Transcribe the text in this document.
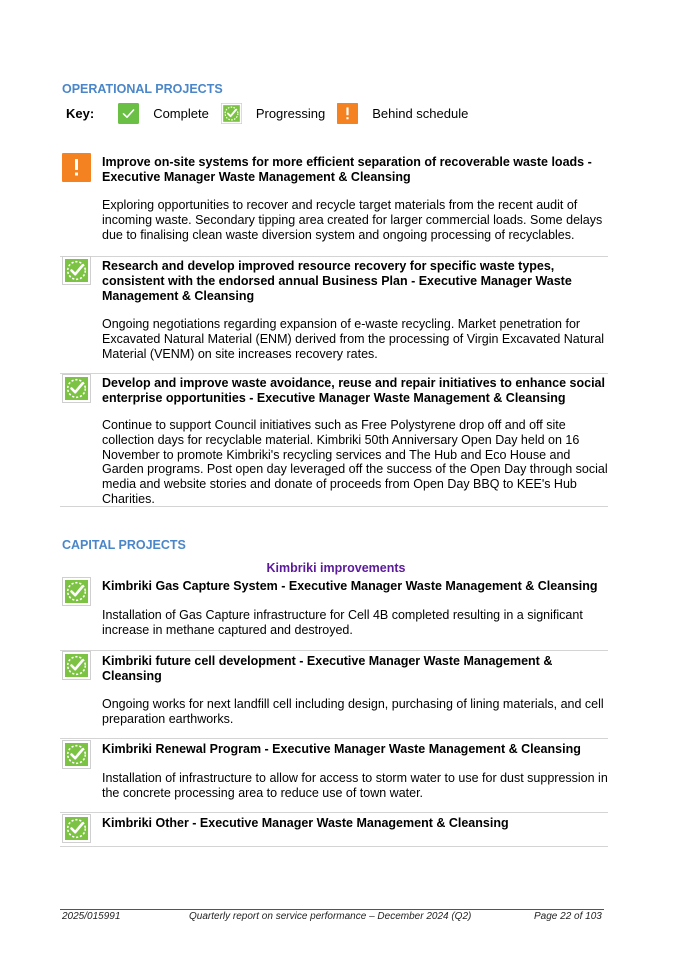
OPERATIONAL PROJECTS
Key:	Complete	Progressing	Behind schedule
Improve on-site systems for more efficient separation of recoverable waste loads - Executive Manager Waste Management & Cleansing
Exploring opportunities to recover and recycle target materials from the recent audit of incoming waste. Secondary tipping area created for larger commercial loads. Some delays due to finalising clean waste diversion system and ongoing processing of recyclables.
Research and develop improved resource recovery for specific waste types, consistent with the endorsed annual Business Plan - Executive Manager Waste Management & Cleansing
Ongoing negotiations regarding expansion of e-waste recycling. Market penetration for Excavated Natural Material (ENM) derived from the processing of Virgin Excavated Natural Material (VENM) on site increases recovery rates.
Develop and improve waste avoidance, reuse and repair initiatives to enhance social enterprise opportunities - Executive Manager Waste Management & Cleansing
Continue to support Council initiatives such as Free Polystyrene drop off and off site collection days for recyclable material. Kimbriki 50th Anniversary Open Day held on 16 November to promote Kimbriki's recycling services and The Hub and Eco House and Garden programs. Post open day leveraged off the success of the Open Day through social media and website stories and donate of proceeds from Open Day BBQ to KEE's Hub Charities.
CAPITAL PROJECTS
Kimbriki improvements
Kimbriki Gas Capture System - Executive Manager Waste Management & Cleansing
Installation of Gas Capture infrastructure for Cell 4B completed resulting in a significant increase in methane captured and destroyed.
Kimbriki future cell development - Executive Manager Waste Management & Cleansing
Ongoing works for next landfill cell including design, purchasing of lining materials, and cell preparation earthworks.
Kimbriki Renewal Program - Executive Manager Waste Management & Cleansing
Installation of infrastructure to allow for access to storm water to use for dust suppression in the concrete processing area to reduce use of town water.
Kimbriki Other - Executive Manager Waste Management & Cleansing
2025/015991	Quarterly report on service performance – December 2024 (Q2)	Page 22 of 103
